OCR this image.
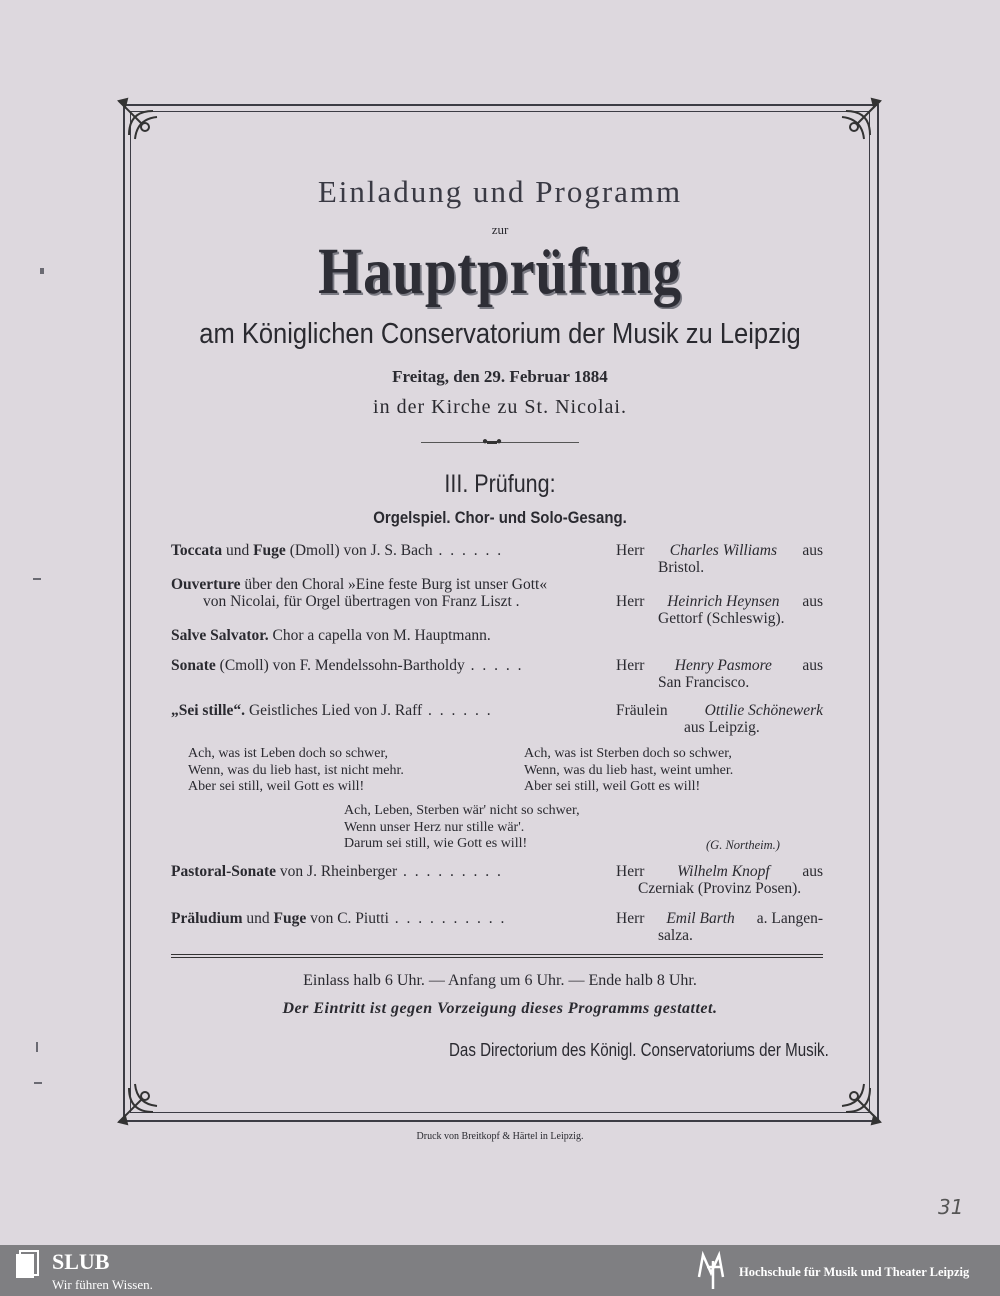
Einladung und Programm

zur

Hauptprüfung

am Königlichen Conservatorium der Musik zu Leipzig

Freitag, den 29. Februar 1884

in der Kirche zu St. Nicolai.

●▬●

III. Prüfung:

Orgelspiel. Chor- und Solo-Gesang.

Toccata und Fuge (Dmoll) von J. S. Bach . . . . . .	Herr Charles Williams aus
Bristol.
Ouverture über den Choral »Eine feste Burg ist unser Gott«
von Nicolai, für Orgel übertragen von Franz Liszt .	Herr Heinrich Heynsen aus
Gettorf (Schleswig).
Salve Salvator. Chor a capella von M. Hauptmann.
Sonate (Cmoll) von F. Mendelssohn-Bartholdy . . . . .	Herr Henry Pasmore aus
San Francisco.
„Sei stille“. Geistliches Lied von J. Raff . . . . . .	Fräulein Ottilie Schönewerk
aus Leipzig.
Ach, was ist Leben doch so schwer,
Wenn, was du lieb hast, ist nicht mehr.
Aber sei still, weil Gott es will!
Ach, was ist Sterben doch so schwer,
Wenn, was du lieb hast, weint umher.
Aber sei still, weil Gott es will!
Ach, Leben, Sterben wär' nicht so schwer,
Wenn unser Herz nur stille wär'.
Darum sei still, wie Gott es will!	(G. Northeim.)
Pastoral-Sonate von J. Rheinberger . . . . . . . . .	Herr Wilhelm Knopf aus
Czerniak (Provinz Posen).
Präludium und Fuge von C. Piutti . . . . . . . . . .	Herr Emil Barth a. Langen-
salza.

Einlass halb 6 Uhr. — Anfang um 6 Uhr. — Ende halb 8 Uhr.

Der Eintritt ist gegen Vorzeigung dieses Programms gestattet.

Das Directorium des Königl. Conservatoriums der Musik.

Druck von Breitkopf & Härtel in Leipzig.

31
SLUB
Wir führen Wissen.
Hochschule für Musik und Theater Leipzig
